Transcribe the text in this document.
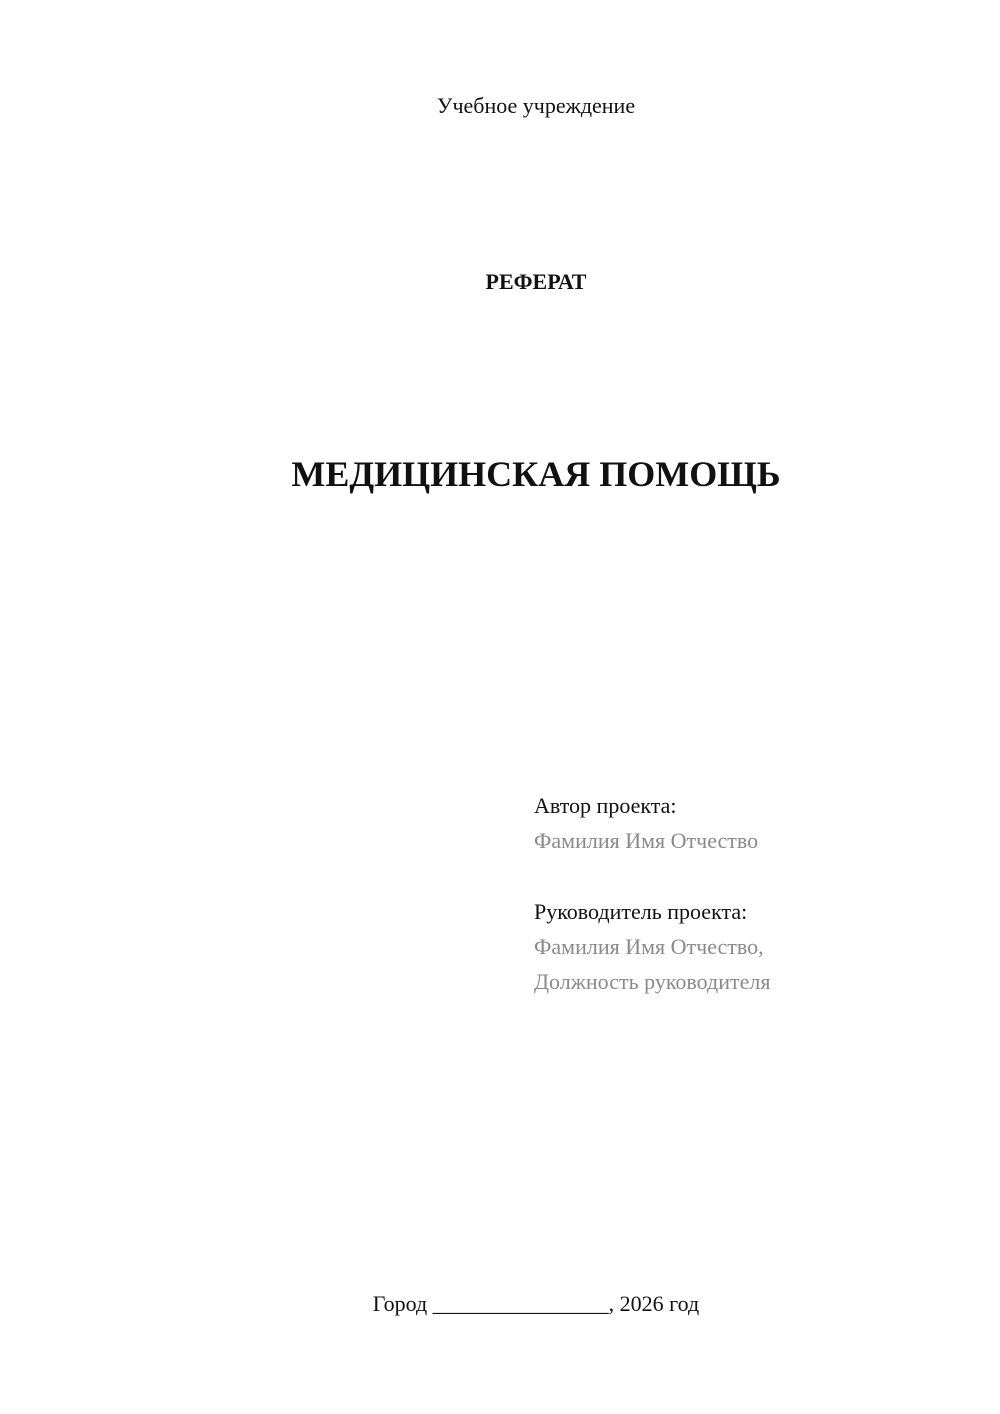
Учебное учреждение
РЕФЕРАТ
МЕДИЦИНСКАЯ ПОМОЩЬ
Автор проекта:
Фамилия Имя Отчество
Руководитель проекта:
Фамилия Имя Отчество,
Должность руководителя
Город ________________, 2026 год
